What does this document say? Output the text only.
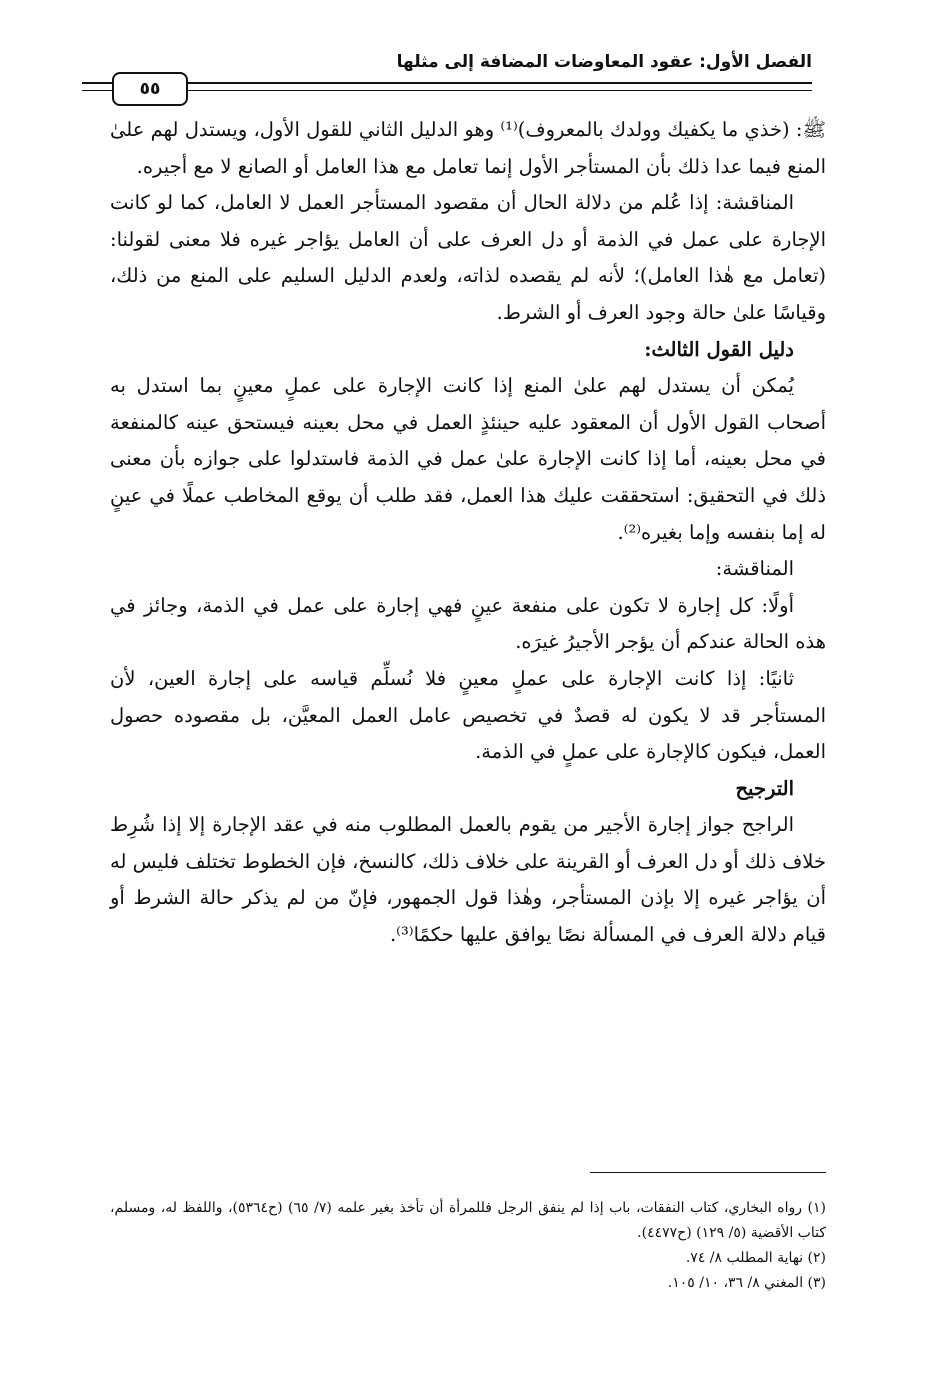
الفصل الأول: عقود المعاوضات المضافة إلى مثلها
٥٥

ﷺ: (خذي ما يكفيك وولدك بالمعروف)⁽¹⁾ وهو الدليل الثاني للقول الأول، ويستدل لهم علىٰ المنع فيما عدا ذلك بأن المستأجر الأول إنما تعامل مع هذا العامل أو الصانع لا مع أجيره.

المناقشة: إذا عُلم من دلالة الحال أن مقصود المستأجر العمل لا العامل، كما لو كانت الإجارة على عمل في الذمة أو دل العرف على أن العامل يؤاجر غيره فلا معنى لقولنا: (تعامل مع هٰذا العامل)؛ لأنه لم يقصده لذاته، ولعدم الدليل السليم على المنع من ذلك، وقياسًا علىٰ حالة وجود العرف أو الشرط.

دليل القول الثالث:

يُمكن أن يستدل لهم علىٰ المنع إذا كانت الإجارة على عملٍ معينٍ بما استدل به أصحاب القول الأول أن المعقود عليه حينئذٍ العمل في محل بعينه فيستحق عينه كالمنفعة في محل بعينه، أما إذا كانت الإجارة علىٰ عمل في الذمة فاستدلوا على جوازه بأن معنى ذلك في التحقيق: استحققت عليك هذا العمل، فقد طلب أن يوقع المخاطب عملًا في عينٍ له إما بنفسه وإما بغيره⁽²⁾.

المناقشة:

أولًا: كل إجارة لا تكون على منفعة عينٍ فهي إجارة على عمل في الذمة، وجائز في هذه الحالة عندكم أن يؤجر الأجيرُ غيرَه.

ثانيًا: إذا كانت الإجارة على عملٍ معينٍ فلا نُسلِّم قياسه على إجارة العين، لأن المستأجر قد لا يكون له قصدٌ في تخصيص عامل العمل المعيَّن، بل مقصوده حصول العمل، فيكون كالإجارة على عملٍ في الذمة.

الترجيح

الراجح جواز إجارة الأجير من يقوم بالعمل المطلوب منه في عقد الإجارة إلا إذا شُرِط خلاف ذلك أو دل العرف أو القرينة على خلاف ذلك، كالنسخ، فإن الخطوط تختلف فليس له أن يؤاجر غيره إلا بإذن المستأجر، وهٰذا قول الجمهور، فإنّ من لم يذكر حالة الشرط أو قيام دلالة العرف في المسألة نصًا يوافق عليها حكمًا⁽³⁾.

(١) رواه البخاري، كتاب النفقات، باب إذا لم ينفق الرجل فللمرأة أن تأخذ بغير علمه (٧/ ٦٥) (ح٥٣٦٤)، واللفظ له، ومسلم، كتاب الأقضية (٥/ ١٢٩) (ح٤٤٧٧).

(٢) نهاية المطلب ٨/ ٧٤.

(٣) المغني ٨/ ٣٦، ١٠/ ١٠٥.
